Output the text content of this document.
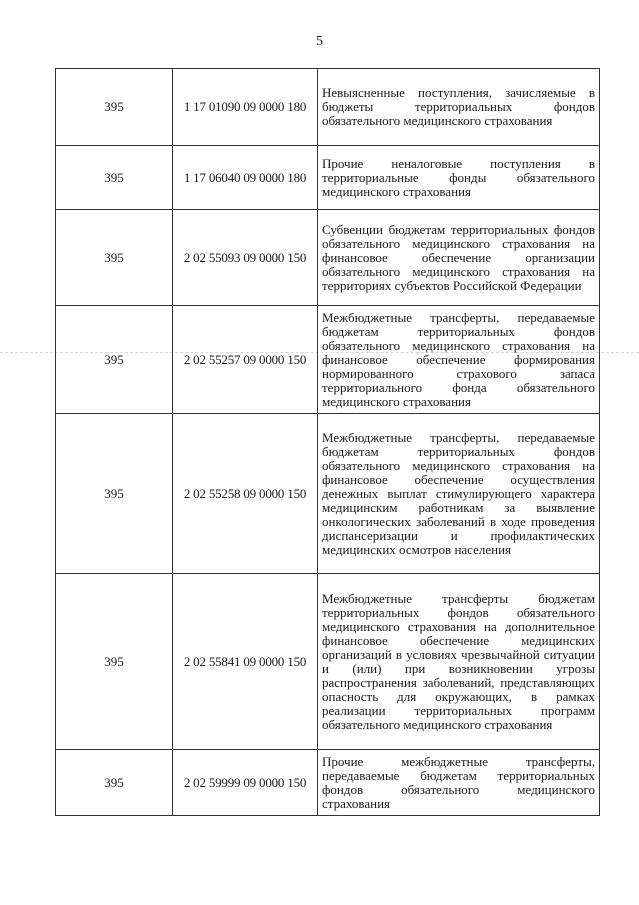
5
395	1 17 01090 09 0000 180	Невыясненные поступления, зачисляемые в бюджеты территориальных фондов обязательного медицинского страхования

395	1 17 06040 09 0000 180	Прочие неналоговые поступления в территориальные фонды обязательного медицинского страхования

395	2 02 55093 09 0000 150	Субвенции бюджетам территориальных фондов обязательного медицинского страхования на финансовое обеспечение организации обязательного медицинского страхования на территориях субъектов Российской Федерации

395	2 02 55257 09 0000 150	Межбюджетные трансферты, передаваемые бюджетам территориальных фондов обязательного медицинского страхования на финансовое обеспечение формирования нормированного страхового запаса территориального фонда обязательного медицинского страхования

395	2 02 55258 09 0000 150	Межбюджетные трансферты, передаваемые бюджетам территориальных фондов обязательного медицинского страхования на финансовое обеспечение осуществления денежных выплат стимулирующего характера медицинским работникам за выявление онкологических заболеваний в ходе проведения диспансеризации и профилактических медицинских осмотров населения

395	2 02 55841 09 0000 150	Межбюджетные трансферты бюджетам территориальных фондов обязательного медицинского страхования на дополнительное финансовое обеспечение медицинских организаций в условиях чрезвычайной ситуации и (или) при возникновении угрозы распространения заболеваний, представляющих опасность для окружающих, в рамках реализации территориальных программ обязательного медицинского страхования

395	2 02 59999 09 0000 150	Прочие межбюджетные трансферты, передаваемые бюджетам территориальных фондов обязательного медицинского страхования
